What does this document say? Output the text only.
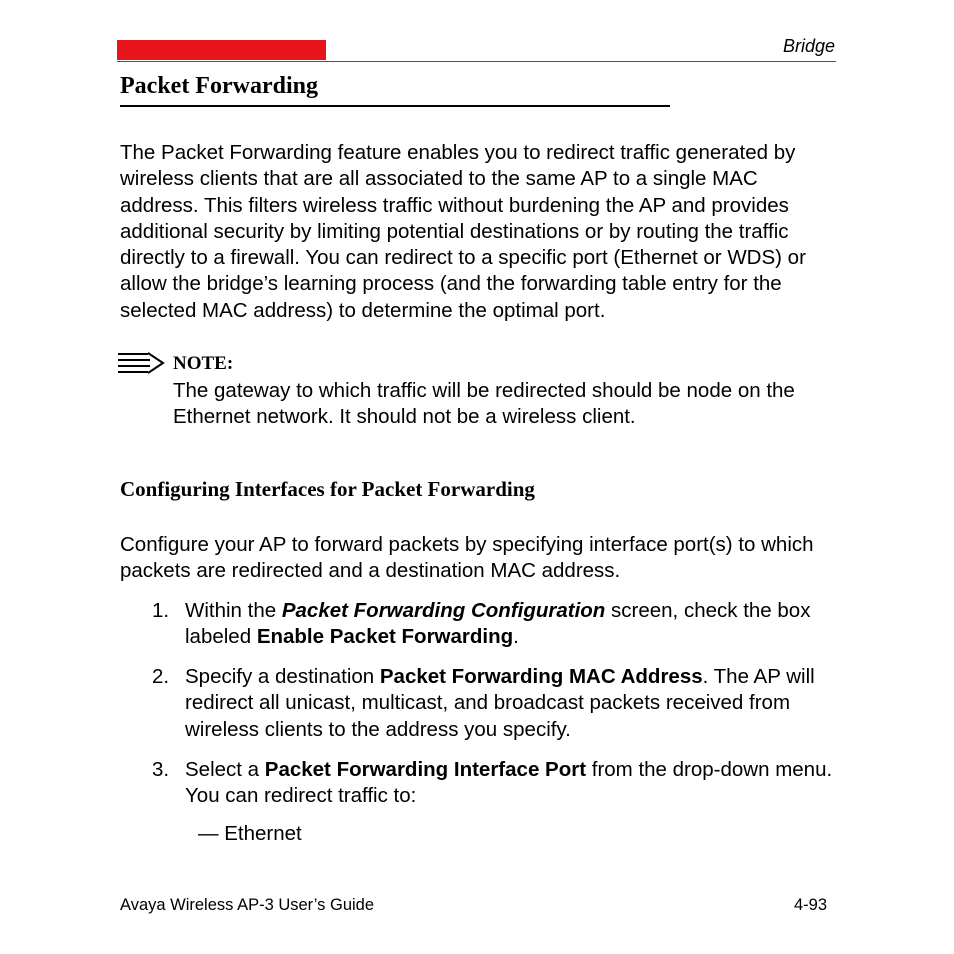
Bridge
Packet Forwarding

The Packet Forwarding feature enables you to redirect traffic generated by wireless clients that are all associated to the same AP to a single MAC address. This filters wireless traffic without burdening the AP and provides additional security by limiting potential destinations or by routing the traffic directly to a firewall. You can redirect to a specific port (Ethernet or WDS) or allow the bridge’s learning process (and the forwarding table entry for the selected MAC address) to determine the optimal port.

NOTE:

The gateway to which traffic will be redirected should be node on the Ethernet network. It should not be a wireless client.

Configuring Interfaces for Packet Forwarding

Configure your AP to forward packets by specifying interface port(s) to which packets are redirected and a destination MAC address.

1. Within the Packet Forwarding Configuration screen, check the box labeled Enable Packet Forwarding.
2. Specify a destination Packet Forwarding MAC Address. The AP will redirect all unicast, multicast, and broadcast packets received from wireless clients to the address you specify.
3. Select a Packet Forwarding Interface Port from the drop-down menu. You can redirect traffic to:
— Ethernet
Avaya Wireless AP-3 User’s Guide	4-93
